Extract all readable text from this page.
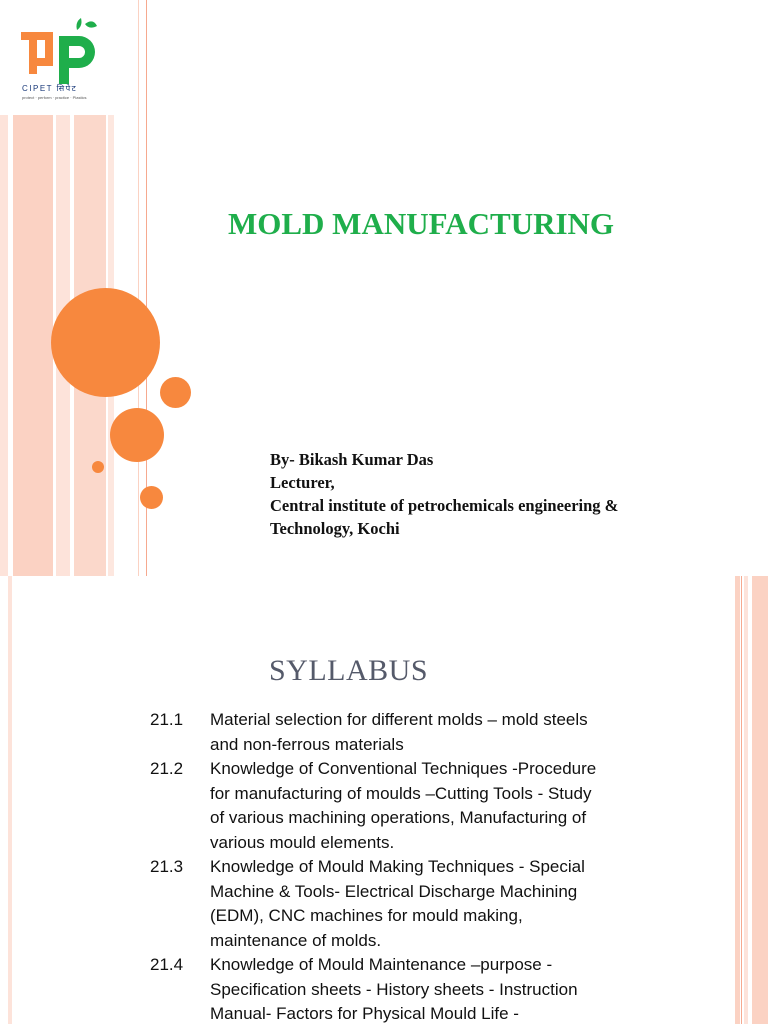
CIPET सिपेट
protect · perform · practice · Plastics
MOLD MANUFACTURING
By- Bikash Kumar Das
Lecturer,
Central institute of petrochemicals engineering &
Technology, Kochi
SYLLABUS
21.1	Material selection for different molds – mold steels
and non-ferrous materials
21.2	Knowledge of Conventional Techniques -Procedure
for manufacturing of moulds –Cutting Tools - Study
of various machining operations, Manufacturing of
various mould elements.
21.3	Knowledge of Mould Making Techniques - Special
Machine & Tools- Electrical Discharge Machining
(EDM), CNC machines for mould making,
maintenance of molds.
21.4	Knowledge of Mould Maintenance –purpose -
Specification sheets - History sheets - Instruction
Manual- Factors for Physical Mould Life -
